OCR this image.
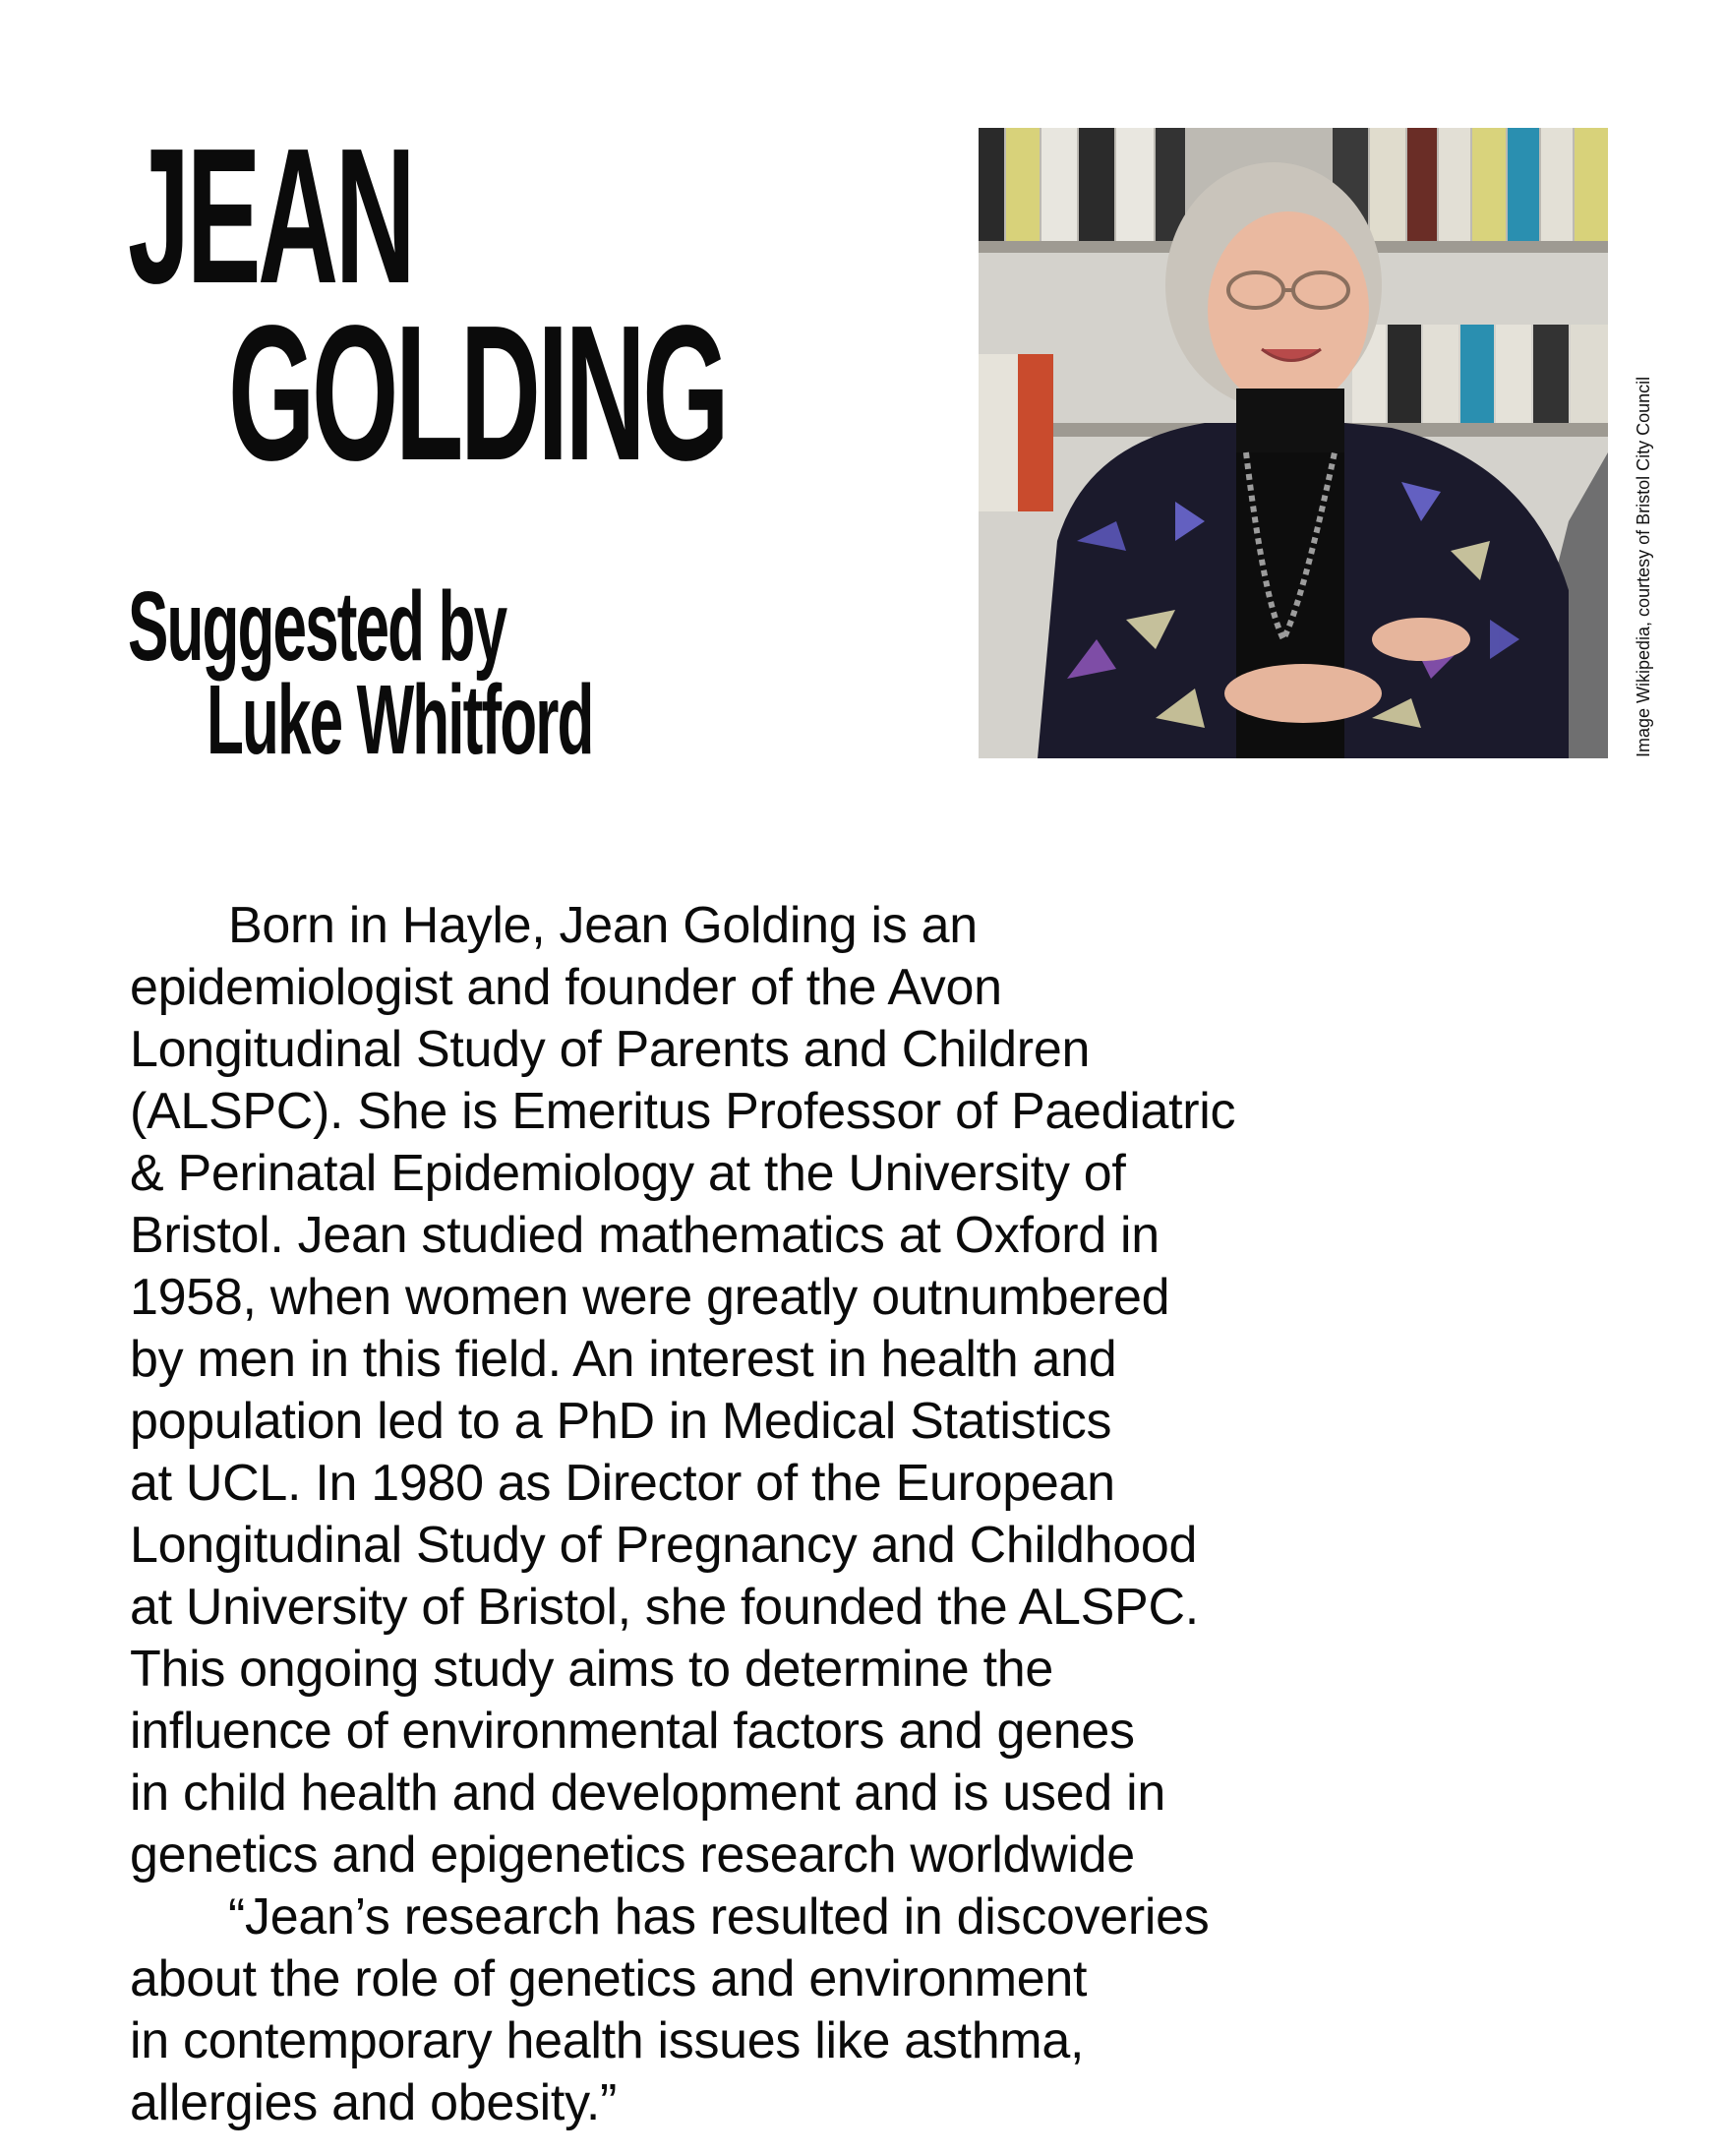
JEAN
GOLDING
Suggested by
Luke Whitford	Image Wikipedia, courtesy of Bristol City Council
Born in Hayle, Jean Golding is an
epidemiologist and founder of the Avon
Longitudinal Study of Parents and Children
(ALSPC). She is Emeritus Professor of Paediatric
& Perinatal Epidemiology at the University of
Bristol. Jean studied mathematics at Oxford in
1958, when women were greatly outnumbered
by men in this field. An interest in health and
population led to a PhD in Medical Statistics
at UCL. In 1980 as Director of the European
Longitudinal Study of Pregnancy and Childhood
at University of Bristol, she founded the ALSPC.
This ongoing study aims to determine the
influence of environmental factors and genes
in child health and development and is used in
genetics and epigenetics research worldwide
“Jean’s research has resulted in discoveries
about the role of genetics and environment
in contemporary health issues like asthma,
allergies and obesity.”
